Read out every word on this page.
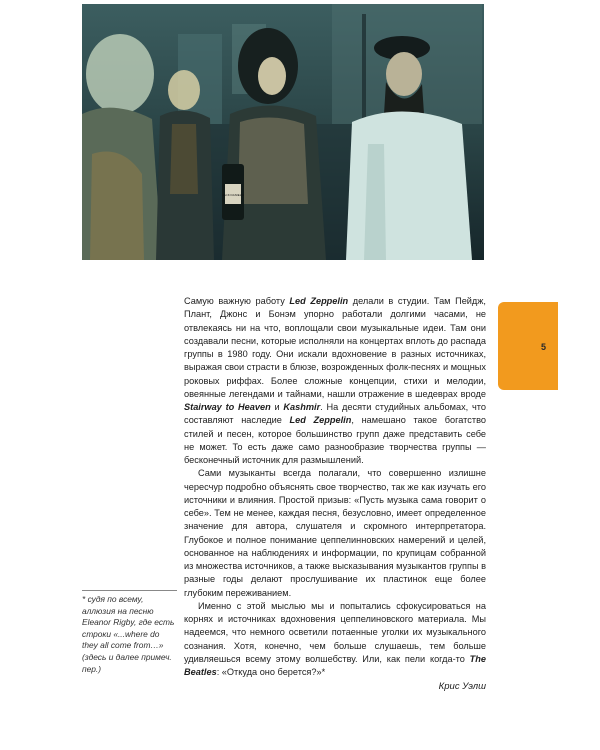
JACK DANIEL'S

Самую важную работу Led Zeppelin делали в студии. Там Пейдж, Плант, Джонс и Бонэм упорно работали долгими часами, не отвлекаясь ни на что, воплощали свои музыкальные идеи. Там они создавали песни, которые исполняли на концертах вплоть до распада группы в 1980 году. Они искали вдохновение в разных источниках, выражая свои страсти в блюзе, возрожденных фолк-песнях и мощных роковых риффах. Более сложные концепции, стихи и мелодии, овеянные легендами и тайнами, нашли отражение в шедеврах вроде Stairway to Heaven и Kashmir. На десяти студийных альбомах, что составляют наследие Led Zeppelin, намешано такое богатство стилей и песен, которое большинство групп даже представить себе не может. То есть даже само разнообразие творчества группы — бесконечный источник для размышлений.

Сами музыканты всегда полагали, что совершенно излишне чересчур подробно объяснять свое творчество, так же как изучать его источники и влияния. Простой призыв: «Пусть музыка сама говорит о себе». Тем не менее, каждая песня, безусловно, имеет определенное значение для автора, слушателя и скромного интерпретатора. Глубокое и полное понимание цеппелинновских намерений и целей, основанное на наблюдениях и информации, по крупицам собранной из множества источников, а также высказывания музыкантов группы в разные годы делают прослушивание их пластинок еще более глубоким переживанием.

Именно с этой мыслью мы и попытались сфокусироваться на корнях и источниках вдохновения цеппелиновского материала. Мы надеемся, что немного осветили потаенные уголки их музыкального сознания. Хотя, конечно, чем больше слушаешь, тем больше удивляешься всему этому волшебству. Или, как пели когда-то The Beatles: «Откуда оно берется?»*

Крис Уэлш
5
* судя по всему, аллюзия на песню Eleanor Rigby, где есть строки «...where do they all come from…» (здесь и далее примеч. пер.)
